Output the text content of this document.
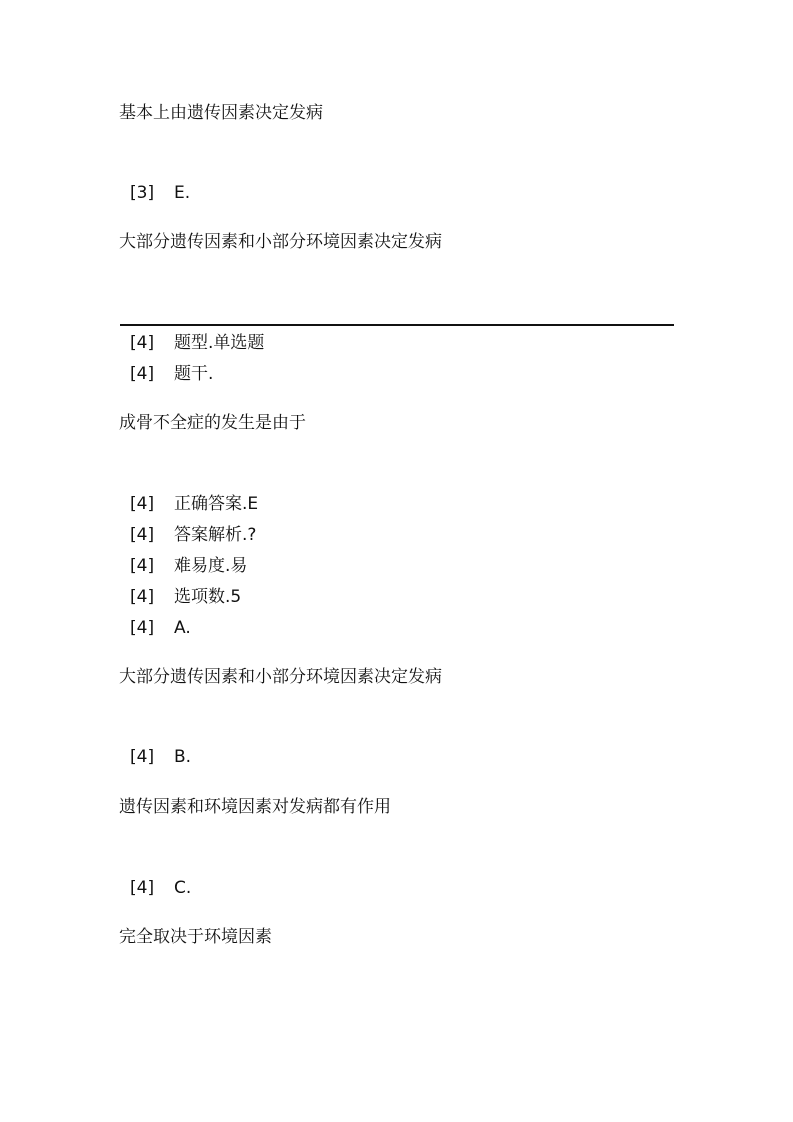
基本上由遗传因素决定发病
[3] E.
大部分遗传因素和小部分环境因素决定发病
[4] 题型.单选题
[4] 题干.
成骨不全症的发生是由于
[4] 正确答案.E
[4] 答案解析.?
[4] 难易度.易
[4] 选项数.5
[4] A.
大部分遗传因素和小部分环境因素决定发病
[4] B.
遗传因素和环境因素对发病都有作用
[4] C.
完全取决于环境因素
